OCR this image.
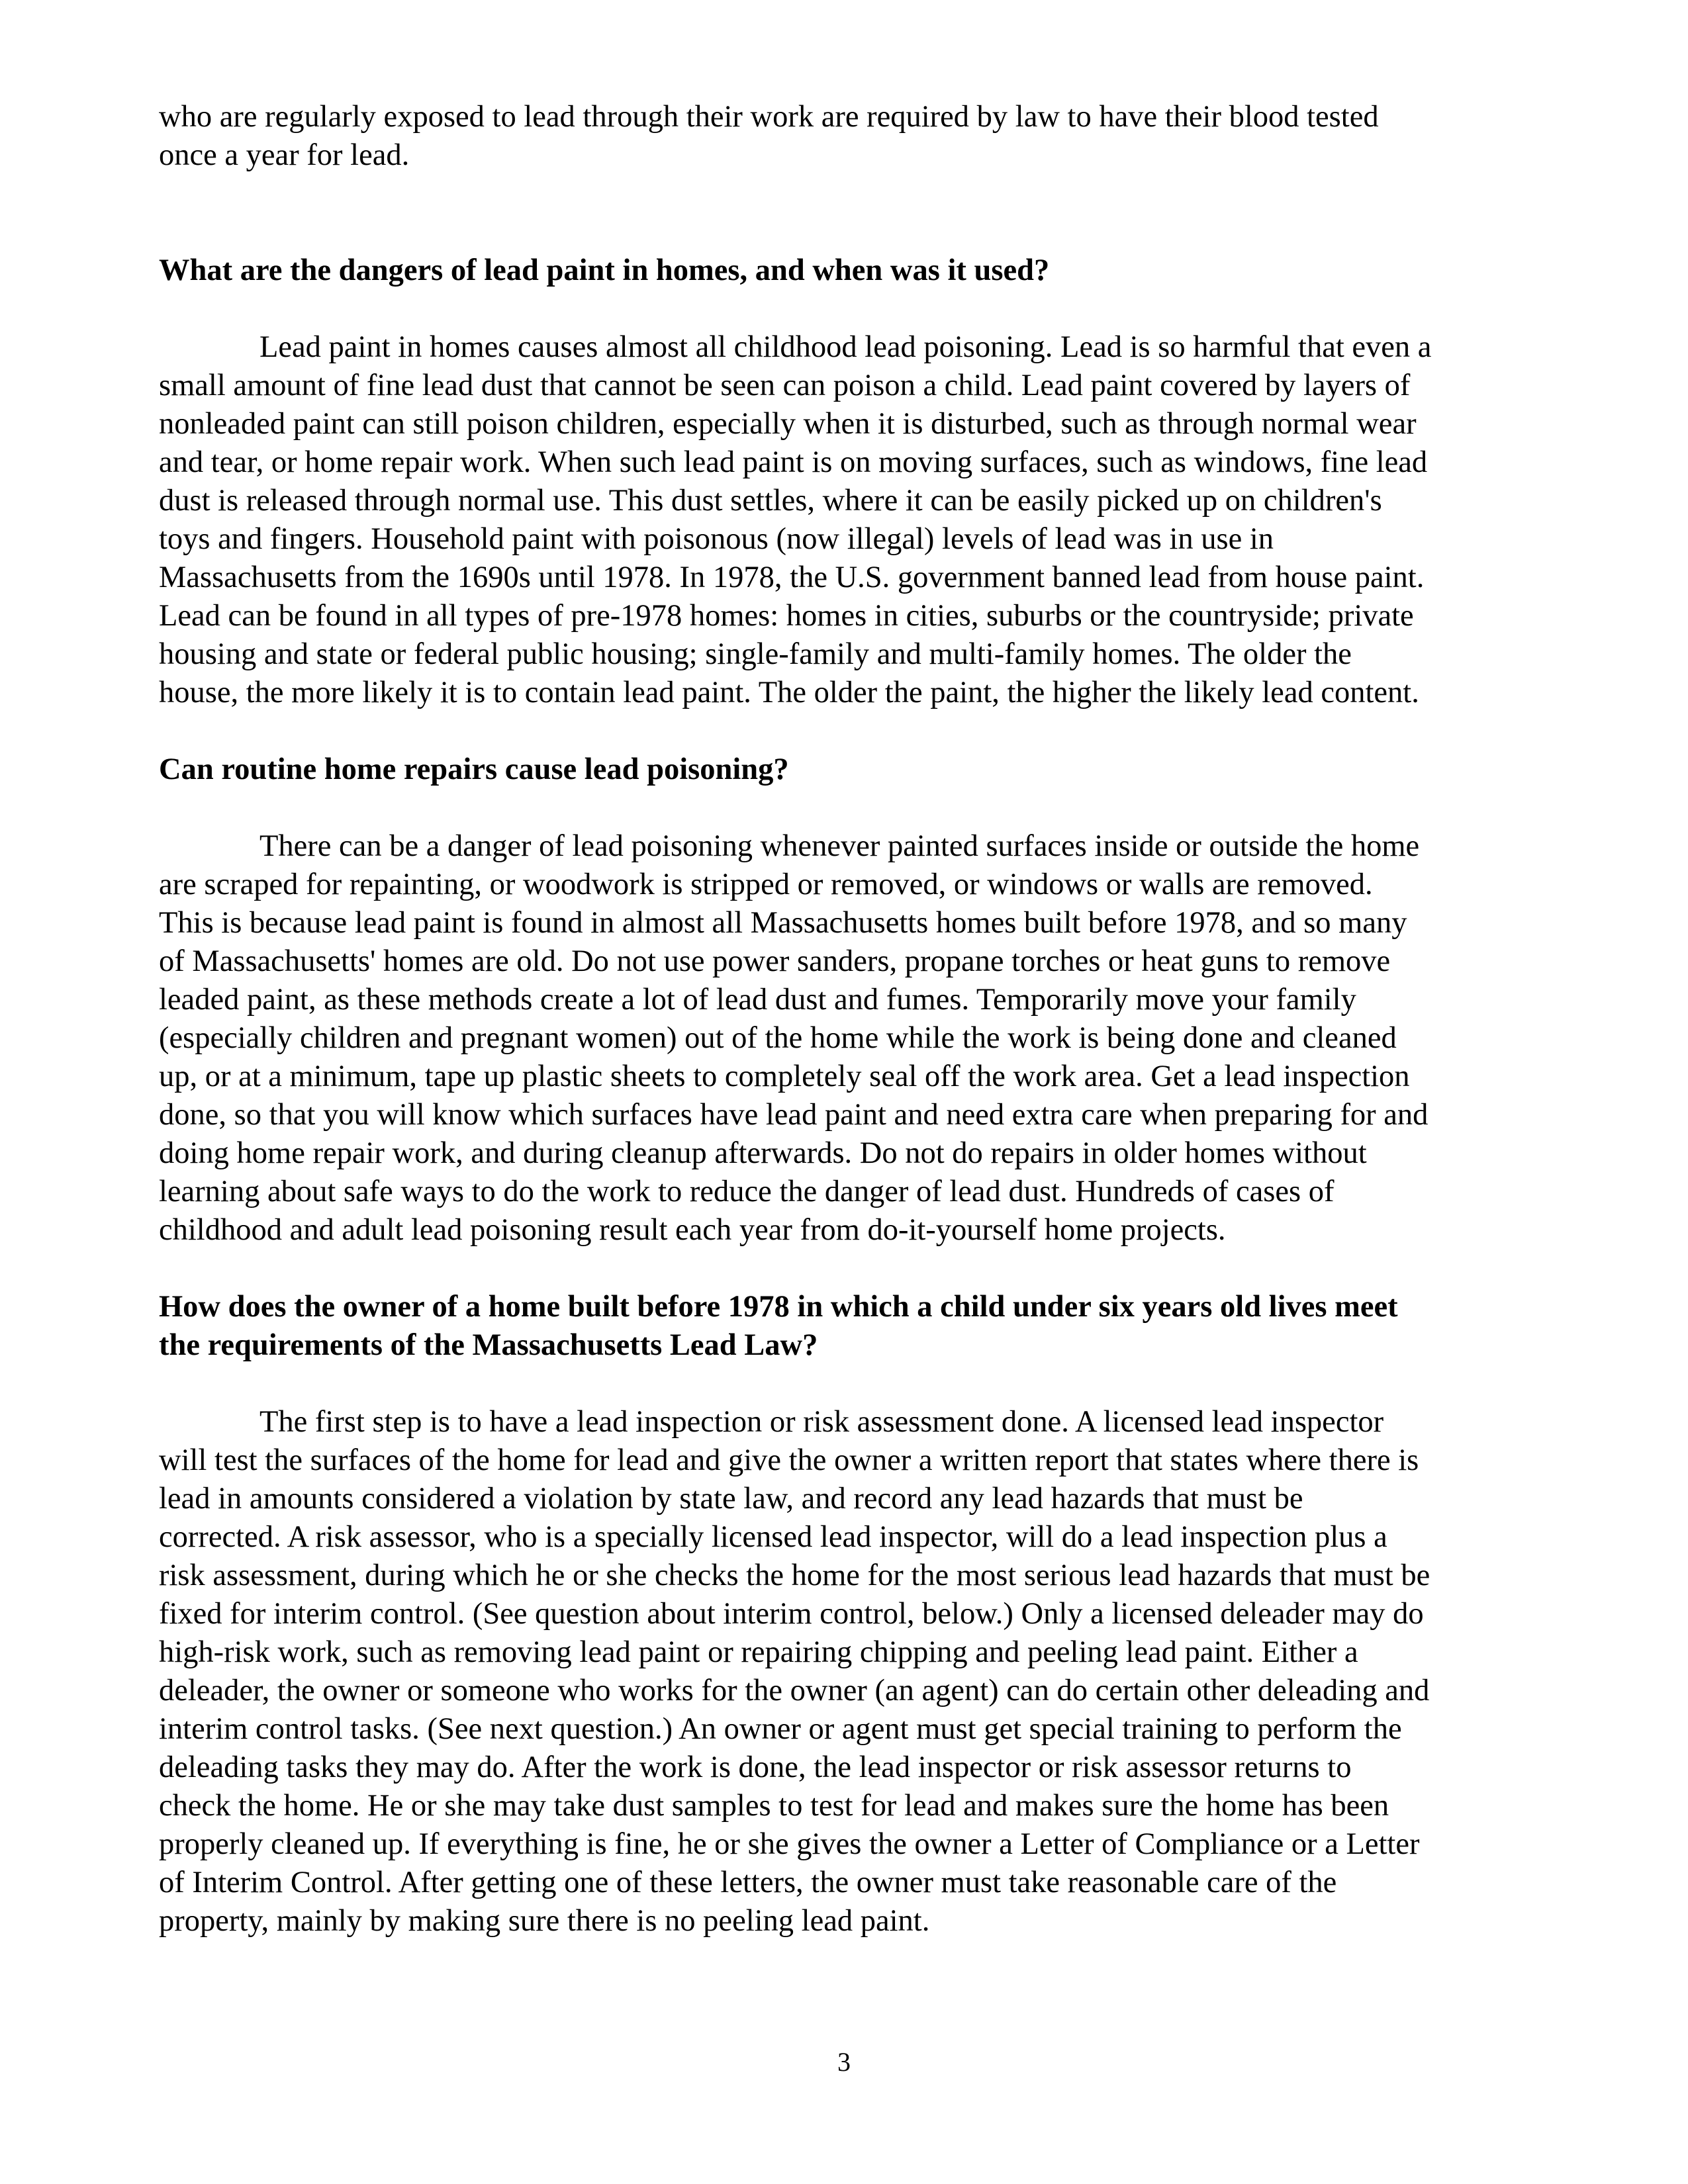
who are regularly exposed to lead through their work are required by law to have their blood tested
once a year for lead.

What are the dangers of lead paint in homes, and when was it used?

Lead paint in homes causes almost all childhood lead poisoning. Lead is so harmful that even a
small amount of fine lead dust that cannot be seen can poison a child. Lead paint covered by layers of
nonleaded paint can still poison children, especially when it is disturbed, such as through normal wear
and tear, or home repair work. When such lead paint is on moving surfaces, such as windows, fine lead
dust is released through normal use. This dust settles, where it can be easily picked up on children's
toys and fingers. Household paint with poisonous (now illegal) levels of lead was in use in
Massachusetts from the 1690s until 1978. In 1978, the U.S. government banned lead from house paint.
Lead can be found in all types of pre-1978 homes: homes in cities, suburbs or the countryside; private
housing and state or federal public housing; single-family and multi-family homes. The older the
house, the more likely it is to contain lead paint. The older the paint, the higher the likely lead content.

Can routine home repairs cause lead poisoning?

There can be a danger of lead poisoning whenever painted surfaces inside or outside the home
are scraped for repainting, or woodwork is stripped or removed, or windows or walls are removed.
This is because lead paint is found in almost all Massachusetts homes built before 1978, and so many
of Massachusetts' homes are old. Do not use power sanders, propane torches or heat guns to remove
leaded paint, as these methods create a lot of lead dust and fumes. Temporarily move your family
(especially children and pregnant women) out of the home while the work is being done and cleaned
up, or at a minimum, tape up plastic sheets to completely seal off the work area. Get a lead inspection
done, so that you will know which surfaces have lead paint and need extra care when preparing for and
doing home repair work, and during cleanup afterwards. Do not do repairs in older homes without
learning about safe ways to do the work to reduce the danger of lead dust. Hundreds of cases of
childhood and adult lead poisoning result each year from do-it-yourself home projects.

How does the owner of a home built before 1978 in which a child under six years old lives meet
the requirements of the Massachusetts Lead Law?

The first step is to have a lead inspection or risk assessment done. A licensed lead inspector
will test the surfaces of the home for lead and give the owner a written report that states where there is
lead in amounts considered a violation by state law, and record any lead hazards that must be
corrected. A risk assessor, who is a specially licensed lead inspector, will do a lead inspection plus a
risk assessment, during which he or she checks the home for the most serious lead hazards that must be
fixed for interim control. (See question about interim control, below.) Only a licensed deleader may do
high-risk work, such as removing lead paint or repairing chipping and peeling lead paint. Either a
deleader, the owner or someone who works for the owner (an agent) can do certain other deleading and
interim control tasks. (See next question.) An owner or agent must get special training to perform the
deleading tasks they may do. After the work is done, the lead inspector or risk assessor returns to
check the home. He or she may take dust samples to test for lead and makes sure the home has been
properly cleaned up. If everything is fine, he or she gives the owner a Letter of Compliance or a Letter
of Interim Control. After getting one of these letters, the owner must take reasonable care of the
property, mainly by making sure there is no peeling lead paint.

3
